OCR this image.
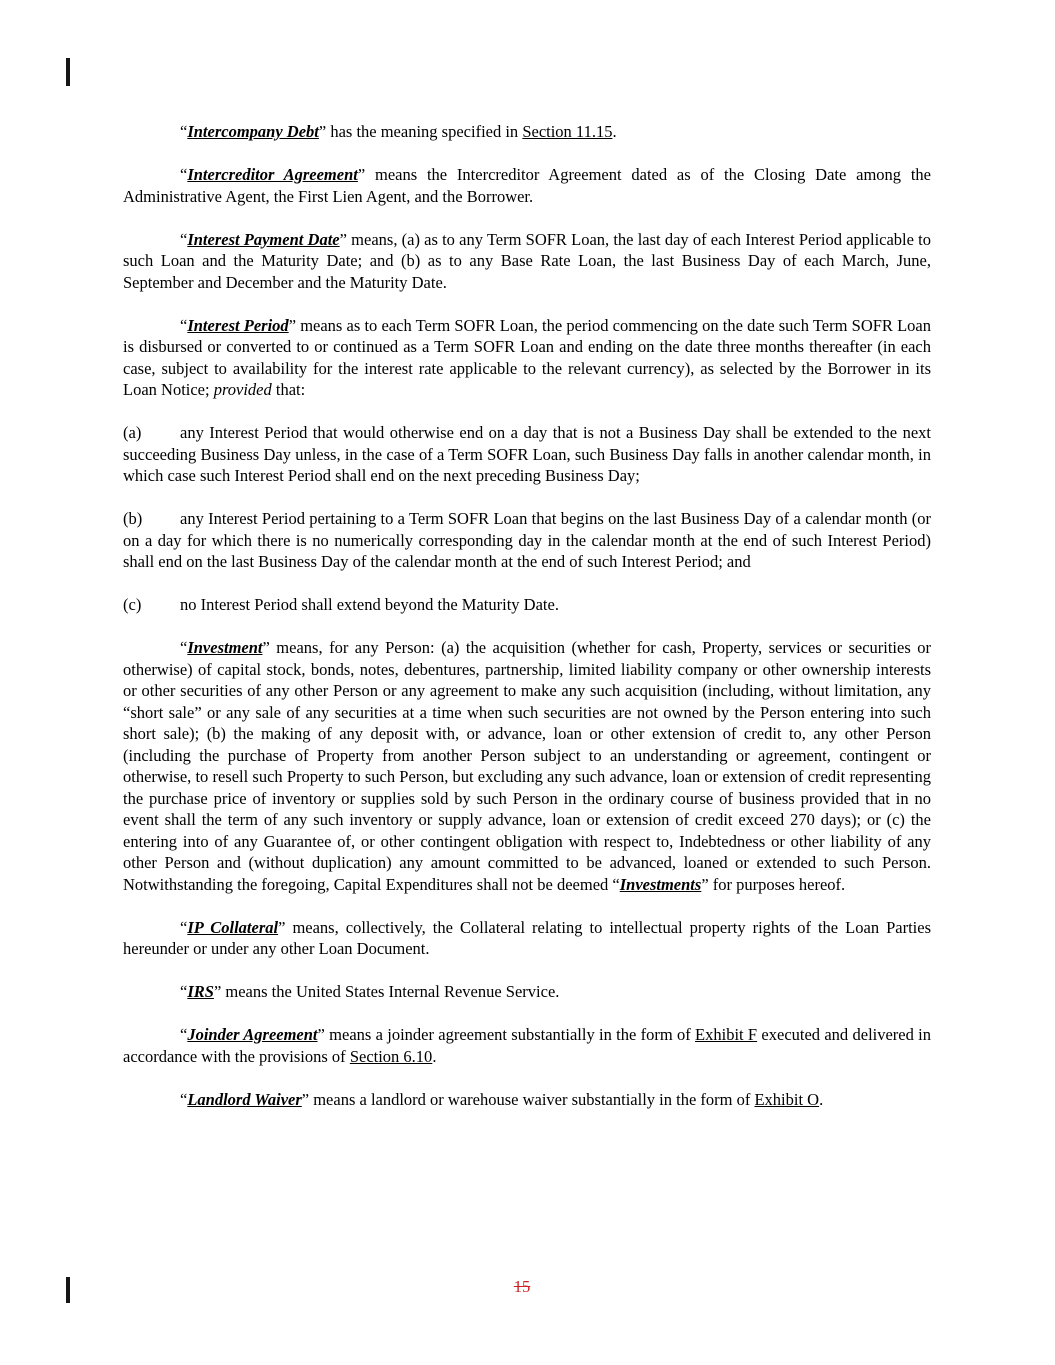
“Intercompany Debt” has the meaning specified in Section 11.15.

“Intercreditor Agreement” means the Intercreditor Agreement dated as of the Closing Date among the Administrative Agent, the First Lien Agent, and the Borrower.

“Interest Payment Date” means, (a) as to any Term SOFR Loan, the last day of each Interest Period applicable to such Loan and the Maturity Date; and (b) as to any Base Rate Loan, the last Business Day of each March, June, September and December and the Maturity Date.

“Interest Period” means as to each Term SOFR Loan, the period commencing on the date such Term SOFR Loan is disbursed or converted to or continued as a Term SOFR Loan and ending on the date three months thereafter (in each case, subject to availability for the interest rate applicable to the relevant currency), as selected by the Borrower in its Loan Notice; provided that:

(a) any Interest Period that would otherwise end on a day that is not a Business Day shall be extended to the next succeeding Business Day unless, in the case of a Term SOFR Loan, such Business Day falls in another calendar month, in which case such Interest Period shall end on the next preceding Business Day;

(b) any Interest Period pertaining to a Term SOFR Loan that begins on the last Business Day of a calendar month (or on a day for which there is no numerically corresponding day in the calendar month at the end of such Interest Period) shall end on the last Business Day of the calendar month at the end of such Interest Period; and

(c) no Interest Period shall extend beyond the Maturity Date.

“Investment” means, for any Person: (a) the acquisition (whether for cash, Property, services or securities or otherwise) of capital stock, bonds, notes, debentures, partnership, limited liability company or other ownership interests or other securities of any other Person or any agreement to make any such acquisition (including, without limitation, any “short sale” or any sale of any securities at a time when such securities are not owned by the Person entering into such short sale); (b) the making of any deposit with, or advance, loan or other extension of credit to, any other Person (including the purchase of Property from another Person subject to an understanding or agreement, contingent or otherwise, to resell such Property to such Person, but excluding any such advance, loan or extension of credit representing the purchase price of inventory or supplies sold by such Person in the ordinary course of business provided that in no event shall the term of any such inventory or supply advance, loan or extension of credit exceed 270 days); or (c) the entering into of any Guarantee of, or other contingent obligation with respect to, Indebtedness or other liability of any other Person and (without duplication) any amount committed to be advanced, loaned or extended to such Person. Notwithstanding the foregoing, Capital Expenditures shall not be deemed “Investments” for purposes hereof.

“IP Collateral” means, collectively, the Collateral relating to intellectual property rights of the Loan Parties hereunder or under any other Loan Document.

“IRS” means the United States Internal Revenue Service.

“Joinder Agreement” means a joinder agreement substantially in the form of Exhibit F executed and delivered in accordance with the provisions of Section 6.10.

“Landlord Waiver” means a landlord or warehouse waiver substantially in the form of Exhibit O.

15
